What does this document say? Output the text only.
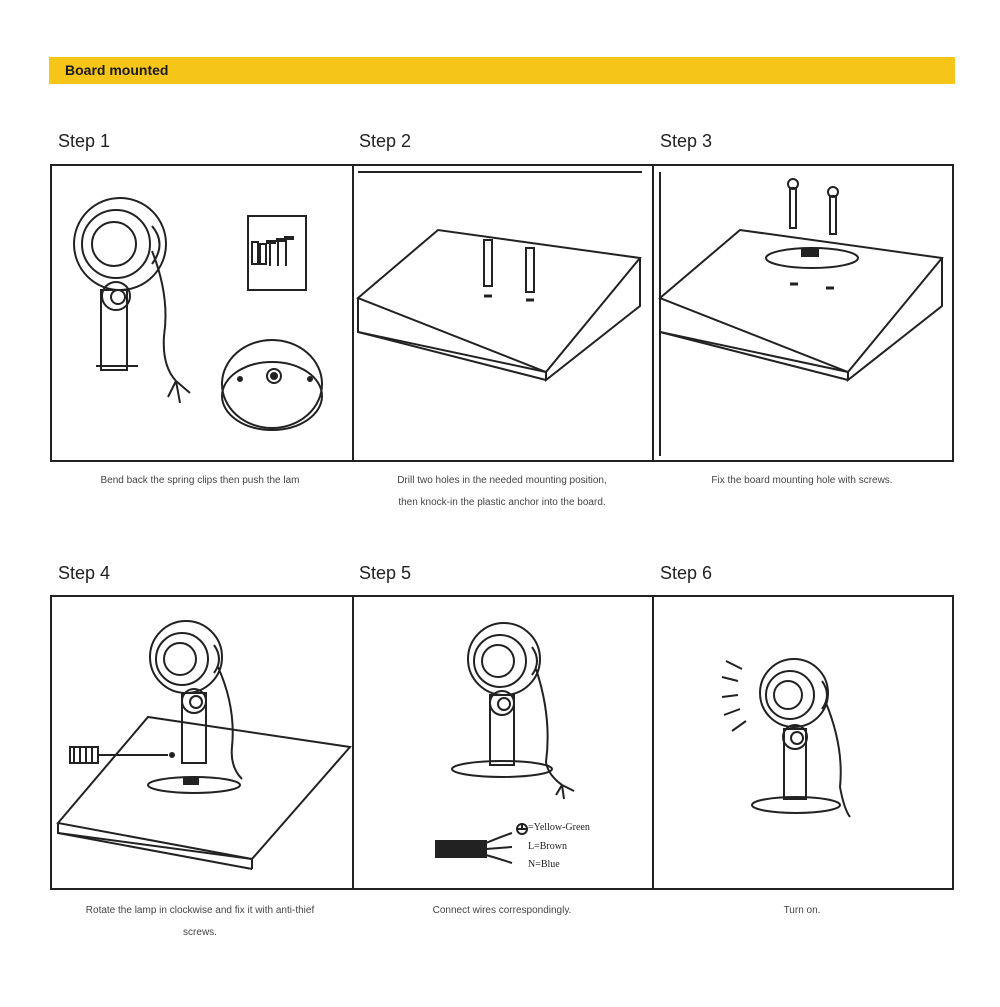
Board mounted
Step 1	Step 2	Step 3
Step 4	Step 5	Step 6
Bend back the spring clips then push the lam	Drill two holes in the needed mounting position,
then knock-in the plastic anchor into the board.
Fix the board mounting hole with screws.
=Yellow-Green
L=Brown
N=Blue
Rotate the lamp in clockwise and fix it with anti-thief
screws.
Connect wires correspondingly.	Turn on.
